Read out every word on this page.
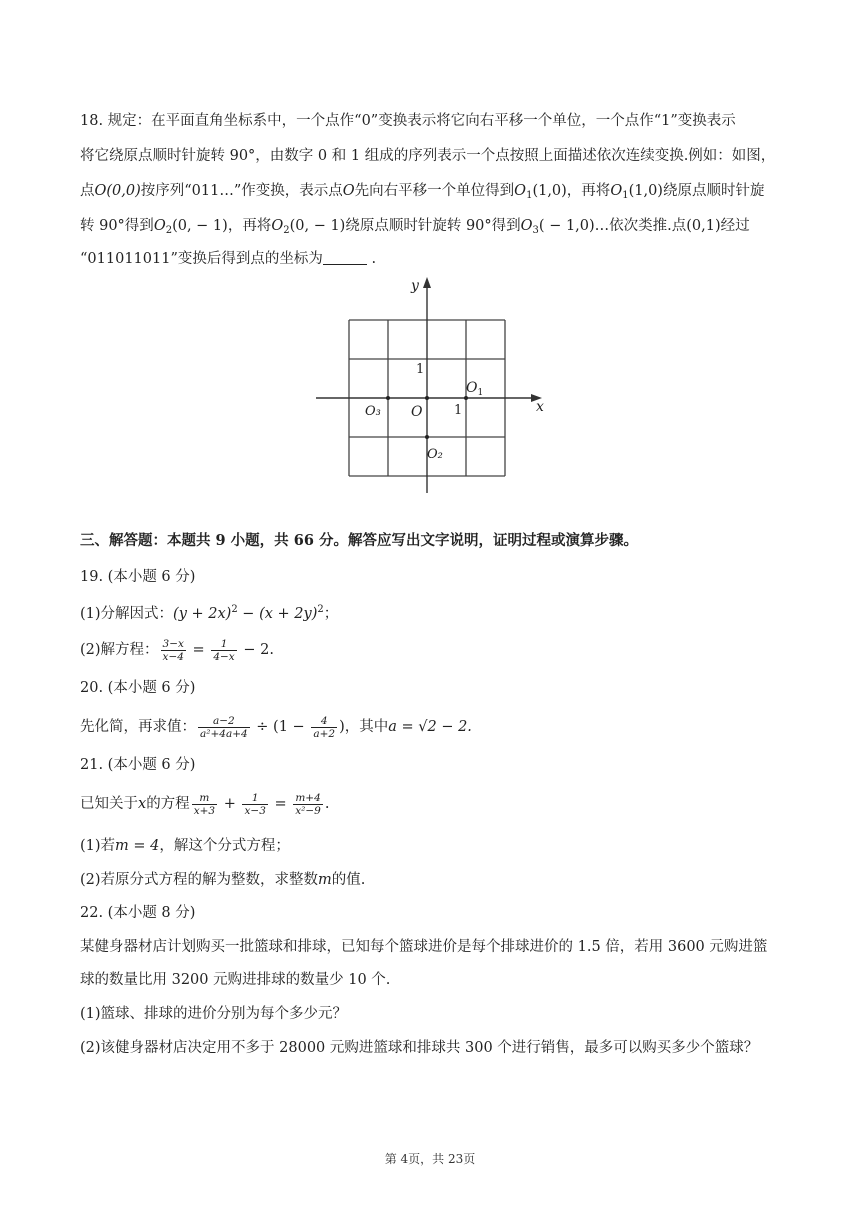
18. 规定：在平面直角坐标系中，一个点作“0”变换表示将它向右平移一个单位，一个点作“1”变换表示
将它绕原点顺时针旋转 90°，由数字 0 和 1 组成的序列表示一个点按照上面描述依次连续变换.例如：如图，
点O(0,0)按序列“011…”作变换，表示点O先向右平移一个单位得到$O_1(1,0)$，再将$O_1(1,0)$绕原点顺时针旋
转 90°得到$O_2(0$, − 1)，再将$O_2(0$, − 1)绕原点顺时针旋转 90°得到$O_3$( − 1,0)…依次类推.点(0,1)经过
“011011011”变换后得到点的坐标为	.
x
y
O
$O_1$
O₂
O₃	1
1
三、解答题：本题共 9 小题，共 66 分。解答应写出文字说明，证明过程或演算步骤。
19. (本小题 6 分)
(1)分解因式：$(y + 2x)^2 - (x + 2y)^2$；
(2)解方程： $\frac{3-x}{x-4} = \frac{1}{4-x} - 2$.
20. (本小题 6 分)
先化简，再求值： $\frac{a-2}{\text{a²+4a+4}} \div (1 - \frac{4}{a+2}$ )，其中a = √2 − 2.
21. (本小题 6 分)
已知关于x的方程 $\frac{m}{x+3} + \frac{1}{x-3} = \frac{m+4}{\text{x²−9}}$ .
(1)若m = 4，解这个分式方程；
(2)若原分式方程的解为整数，求整数m的值.
22. (本小题 8 分)
某健身器材店计划购买一批篮球和排球，已知每个篮球进价是每个排球进价的 1.5 倍，若用 3600 元购进篮
球的数量比用 3200 元购进排球的数量少 10 个.
(1)篮球、排球的进价分别为每个多少元？
(2)该健身器材店决定用不多于 28000 元购进篮球和排球共 300 个进行销售，最多可以购买多少个篮球？
第 4页，共 23页
